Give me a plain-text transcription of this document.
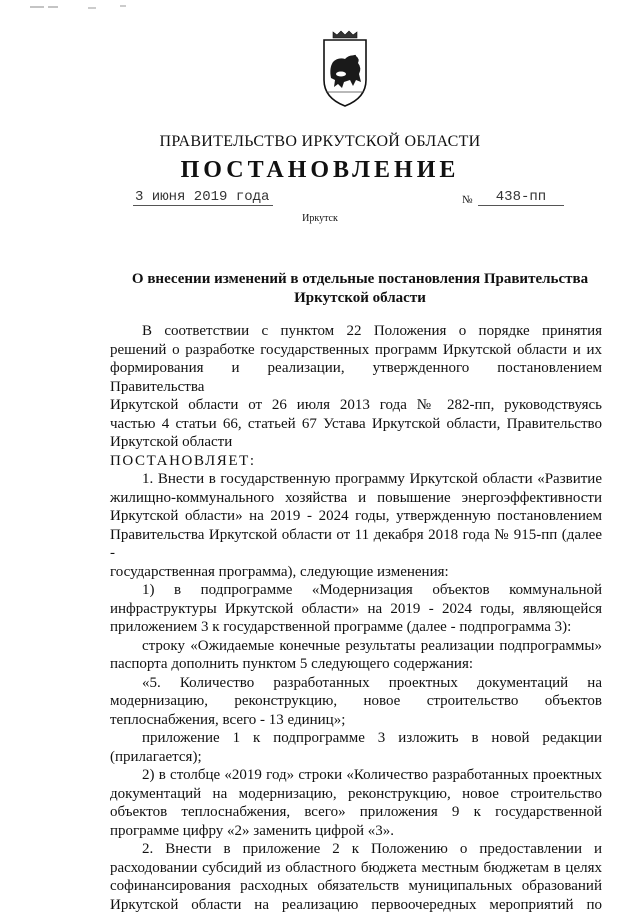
ПРАВИТЕЛЬСТВО ИРКУТСКОЙ ОБЛАСТИ
ПОСТАНОВЛЕНИЕ
3 июня 2019 года	№	438-пп
Иркутск
О внесении изменений в отдельные постановления Правительства
Иркутской области

В соответствии с пунктом 22 Положения о порядке принятия

решений о разработке государственных программ Иркутской области и их

формирования и реализации, утвержденного постановлением Правительства

Иркутской области от 26 июля 2013 года № 282-пп, руководствуясь

частью 4 статьи 66, статьей 67 Устава Иркутской области, Правительство

Иркутской области

ПОСТАНОВЛЯЕТ:

1. Внести в государственную программу Иркутской области «Развитие

жилищно-коммунального хозяйства и повышение энергоэффективности

Иркутской области» на 2019 - 2024 годы, утвержденную постановлением

Правительства Иркутской области от 11 декабря 2018 года № 915-пп (далее -

государственная программа), следующие изменения:

1) в подпрограмме «Модернизация объектов коммунальной

инфраструктуры Иркутской области» на 2019 - 2024 годы, являющейся

приложением 3 к государственной программе (далее - подпрограмма 3):

строку «Ожидаемые конечные результаты реализации подпрограммы»

паспорта дополнить пунктом 5 следующего содержания:

«5. Количество разработанных проектных документаций на

модернизацию, реконструкцию, новое строительство объектов

теплоснабжения, всего - 13 единиц»;

приложение 1 к подпрограмме 3 изложить в новой редакции

(прилагается);

2) в столбце «2019 год» строки «Количество разработанных проектных

документаций на модернизацию, реконструкцию, новое строительство

объектов теплоснабжения, всего» приложения 9 к государственной

программе цифру «2» заменить цифрой «3».

2. Внести в приложение 2 к Положению о предоставлении и

расходовании субсидий из областного бюджета местным бюджетам в целях

софинансирования расходных обязательств муниципальных образований

Иркутской области на реализацию первоочередных мероприятий по
